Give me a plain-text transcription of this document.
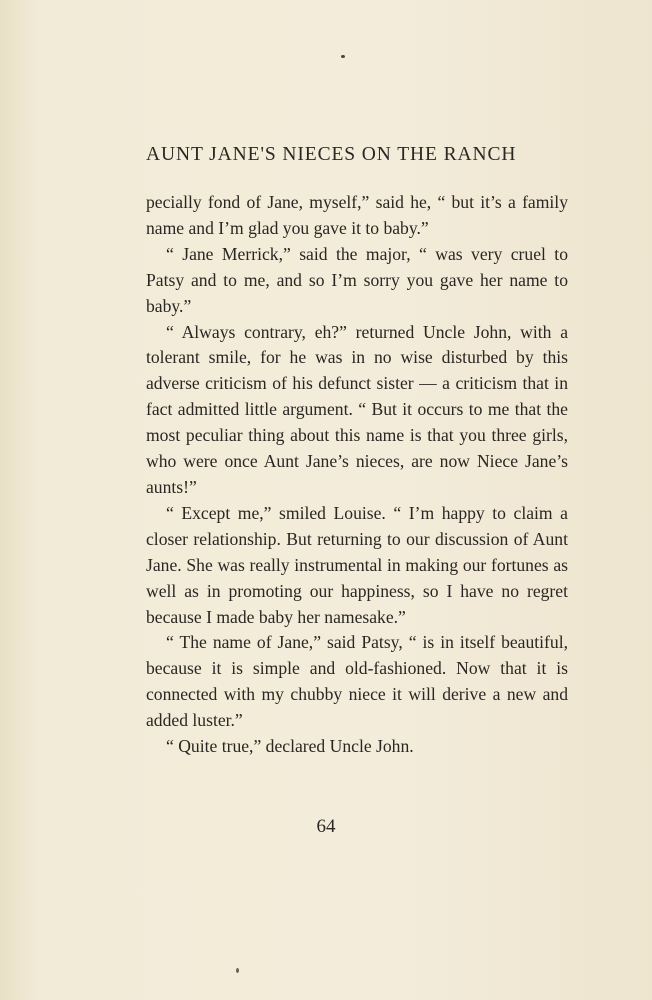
AUNT JANE'S NIECES ON THE RANCH

pecially fond of Jane, myself,” said he, “ but it’s a family name and I’m glad you gave it to baby.”

“ Jane Merrick,” said the major, “ was very cruel to Patsy and to me, and so I’m sorry you gave her name to baby.”

“ Always contrary, eh?” returned Uncle John, with a tolerant smile, for he was in no wise disturbed by this adverse criticism of his defunct sister — a criticism that in fact admitted little argument. “ But it occurs to me that the most peculiar thing about this name is that you three girls, who were once Aunt Jane’s nieces, are now Niece Jane’s aunts!”

“ Except me,” smiled Louise. “ I’m happy to claim a closer relationship. But returning to our discussion of Aunt Jane. She was really instrumental in making our fortunes as well as in promoting our happiness, so I have no regret because I made baby her namesake.”

“ The name of Jane,” said Patsy, “ is in itself beautiful, because it is simple and old-fashioned. Now that it is connected with my chubby niece it will derive a new and added luster.”

“ Quite true,” declared Uncle John.

64
